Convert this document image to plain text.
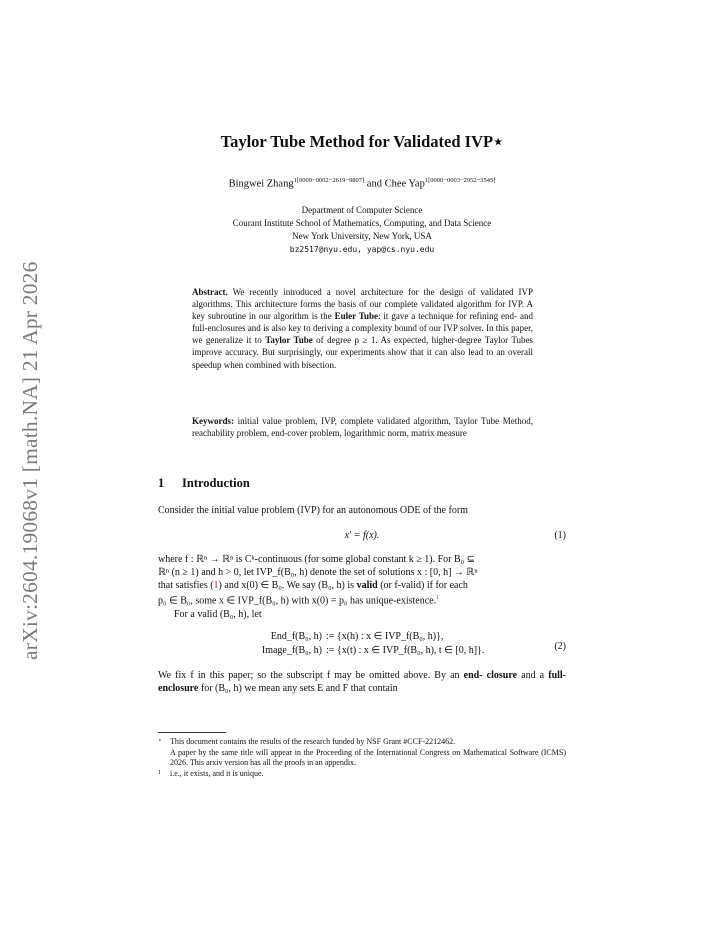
arXiv:2604.19068v1 [math.NA] 21 Apr 2026
Taylor Tube Method for Validated IVP⋆
Bingwei Zhang$^{1[0009-0002-2619-9807]}$ and Chee Yap$^{1[0000-0003-2952-3545]}$
Department of Computer Science
Courant Institute School of Mathematics, Computing, and Data Science
New York University, New York, USA
bz2517@nyu.edu, yap@cs.nyu.edu
Abstract. We recently introduced a novel architecture for the design of validated IVP algorithms. This architecture forms the basis of our complete validated algorithm for IVP. A key subroutine in our algorithm is the Euler Tube: it gave a technique for refining end- and full-enclosures and is also key to deriving a complexity bound of our IVP solver. In this paper, we generalize it to Taylor Tube of degree p ≥ 1. As expected, higher-degree Taylor Tubes improve accuracy. But surprisingly, our experiments show that it can also lead to an overall speedup when combined with bisection.
Keywords: initial value problem, IVP, complete validated algorithm, Taylor Tube Method, reachability problem, end-cover problem, logarithmic norm, matrix measure
1 Introduction
Consider the initial value problem (IVP) for an autonomous ODE of the form
x′ = f(x).	(1)
where f : ℝⁿ → ℝⁿ is Cᵏ-continuous (for some global constant k ≥ 1). For B₀ ⊆
ℝⁿ (n ≥ 1) and h > 0, let IVP_f(B₀, h) denote the set of solutions x : [0, h] → ℝⁿ
that satisfies (1) and x(0) ∈ B₀. We say (B₀, h) is valid (or f-valid) if for each
p₀ ∈ B₀, some x ∈ IVP_f(B₀, h) with x(0) = p₀ has unique-existence.$^1$
For a valid (B₀, h), let
End_f(B₀, h) := {x(h) : x ∈ IVP_f(B₀, h)},
Image_f(B₀, h) := {x(t) : x ∈ IVP_f(B₀, h), t ∈ [0, h]}.	(2)
We fix f in this paper; so the subscript f may be omitted above. By an end- closure and a full-enclosure for (B₀, h) we mean any sets E and F that contain
⋆ This document contains the results of the research funded by NSF Grant #CCF-2212462.
A paper by the same title will appear in the Proceeding of the International Congress on Mathematical Software (ICMS) 2026. This arxiv version has all the proofs in an appendix.
1 i.e., it exists, and it is unique.
